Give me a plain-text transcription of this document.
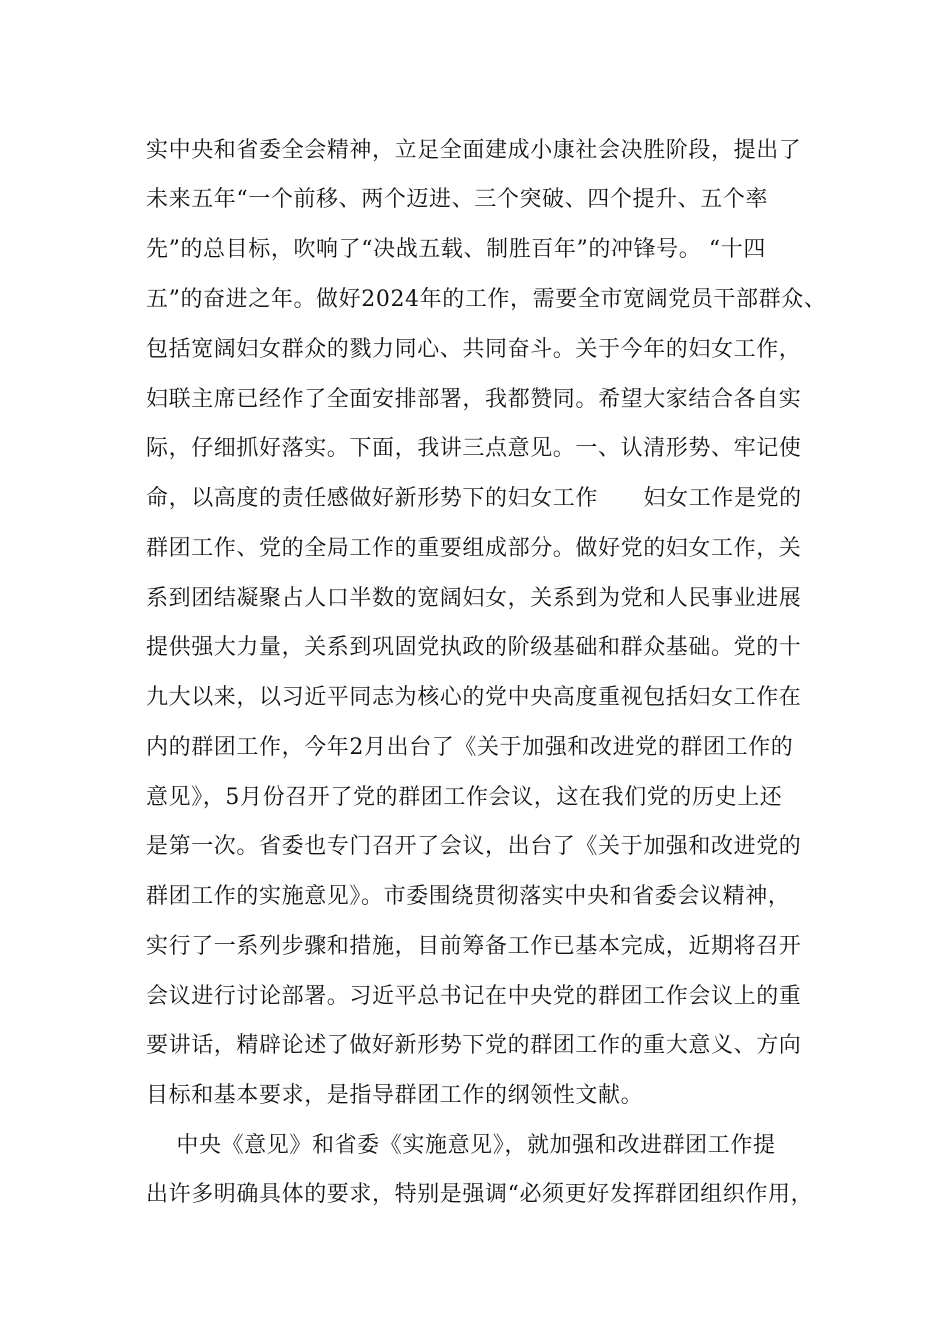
实中央和省委全会精神，立足全面建成小康社会决胜阶段，提出了
未来五年“一个前移、两个迈进、三个突破、四个提升、五个率
先”的总目标，吹响了“决战五载、制胜百年”的冲锋号。 “十四
五”的奋进之年。做好2024年的工作，需要全市宽阔党员干部群众、
包括宽阔妇女群众的戮力同心、共同奋斗。关于今年的妇女工作，
妇联主席已经作了全面安排部署，我都赞同。希望大家结合各自实
际，仔细抓好落实。下面，我讲三点意见。一、认清形势、牢记使
命，以高度的责任感做好新形势下的妇女工作      妇女工作是党的
群团工作、党的全局工作的重要组成部分。做好党的妇女工作，关
系到团结凝聚占人口半数的宽阔妇女，关系到为党和人民事业进展
提供强大力量，关系到巩固党执政的阶级基础和群众基础。党的十
九大以来，以习近平同志为核心的党中央高度重视包括妇女工作在
内的群团工作，今年2月出台了《关于加强和改进党的群团工作的
意见》，5月份召开了党的群团工作会议，这在我们党的历史上还
是第一次。省委也专门召开了会议，出台了《关于加强和改进党的
群团工作的实施意见》。市委围绕贯彻落实中央和省委会议精神，
实行了一系列步骤和措施，目前筹备工作已基本完成，近期将召开
会议进行讨论部署。习近平总书记在中央党的群团工作会议上的重
要讲话，精辟论述了做好新形势下党的群团工作的重大意义、方向
目标和基本要求，是指导群团工作的纲领性文献。
中央《意见》和省委《实施意见》，就加强和改进群团工作提
出许多明确具体的要求，特别是强调“必须更好发挥群团组织作用，
